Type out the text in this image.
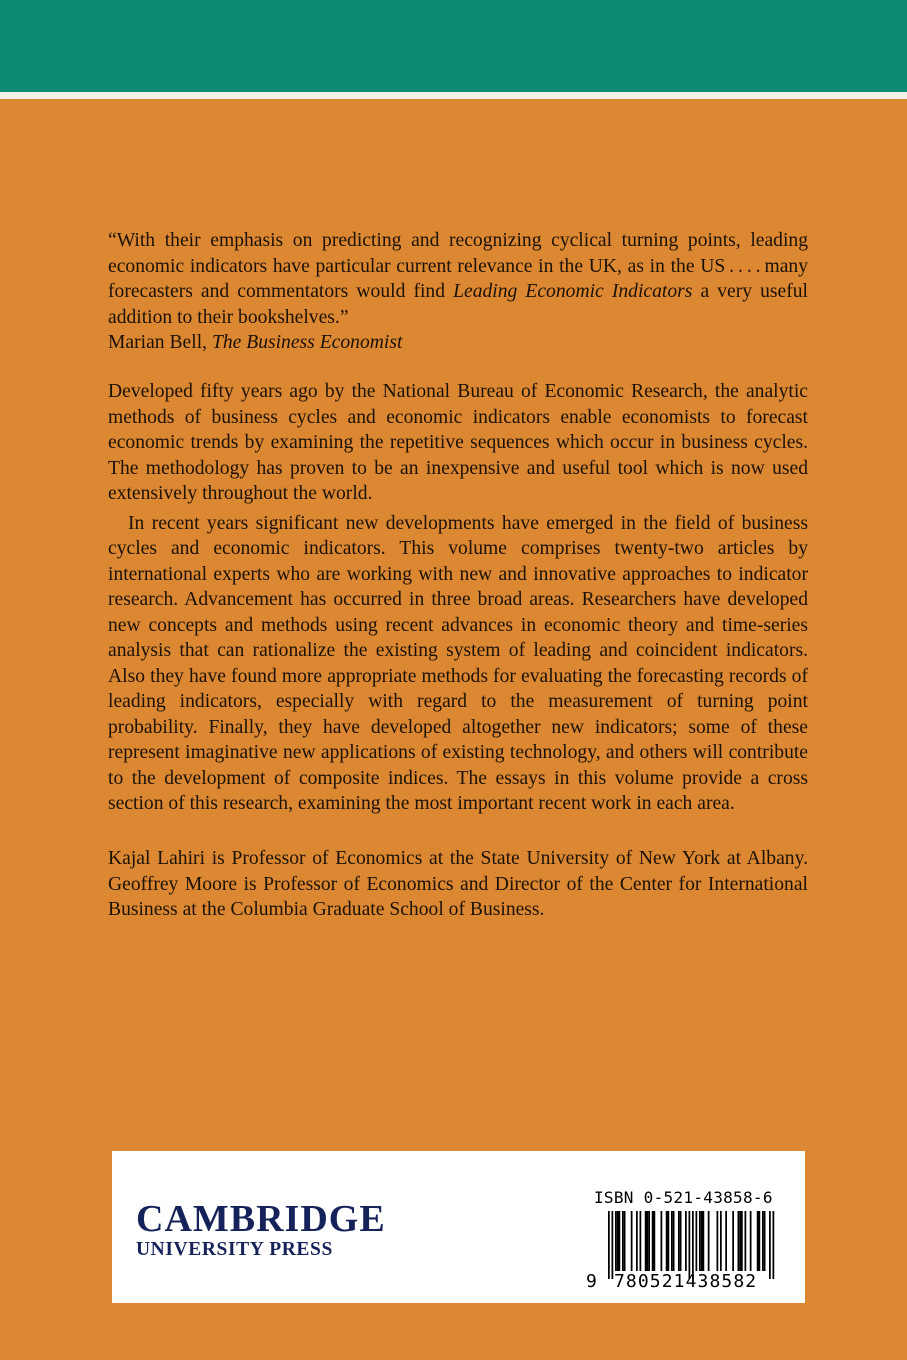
“With their emphasis on predicting and recognizing cyclical turning points, leading economic indicators have particular current relevance in the UK, as in the US . . . . many forecasters and commentators would find Leading Economic Indicators a very useful addition to their bookshelves.”

Marian Bell, The Business Economist

Developed fifty years ago by the National Bureau of Economic Research, the analytic methods of business cycles and economic indicators enable economists to forecast economic trends by examining the repetitive sequences which occur in business cycles. The methodology has proven to be an inexpensive and useful tool which is now used extensively throughout the world.

In recent years significant new developments have emerged in the field of business cycles and economic indicators. This volume comprises twenty-two articles by international experts who are working with new and innovative approaches to indicator research. Advancement has occurred in three broad areas. Researchers have developed new concepts and methods using recent advances in economic theory and time-series analysis that can rationalize the existing system of leading and coincident indicators. Also they have found more appropriate methods for evaluating the forecasting records of leading indicators, especially with regard to the measurement of turning point probability. Finally, they have developed altogether new indicators; some of these represent imaginative new applications of existing technology, and others will contribute to the development of composite indices. The essays in this volume provide a cross section of this research, examining the most important recent work in each area.

Kajal Lahiri is Professor of Economics at the State University of New York at Albany. Geoffrey Moore is Professor of Economics and Director of the Center for International Business at the Columbia Graduate School of Business.

CAMBRIDGE
UNIVERSITY PRESS
ISBN 0-521-43858-6
9 780521438582
